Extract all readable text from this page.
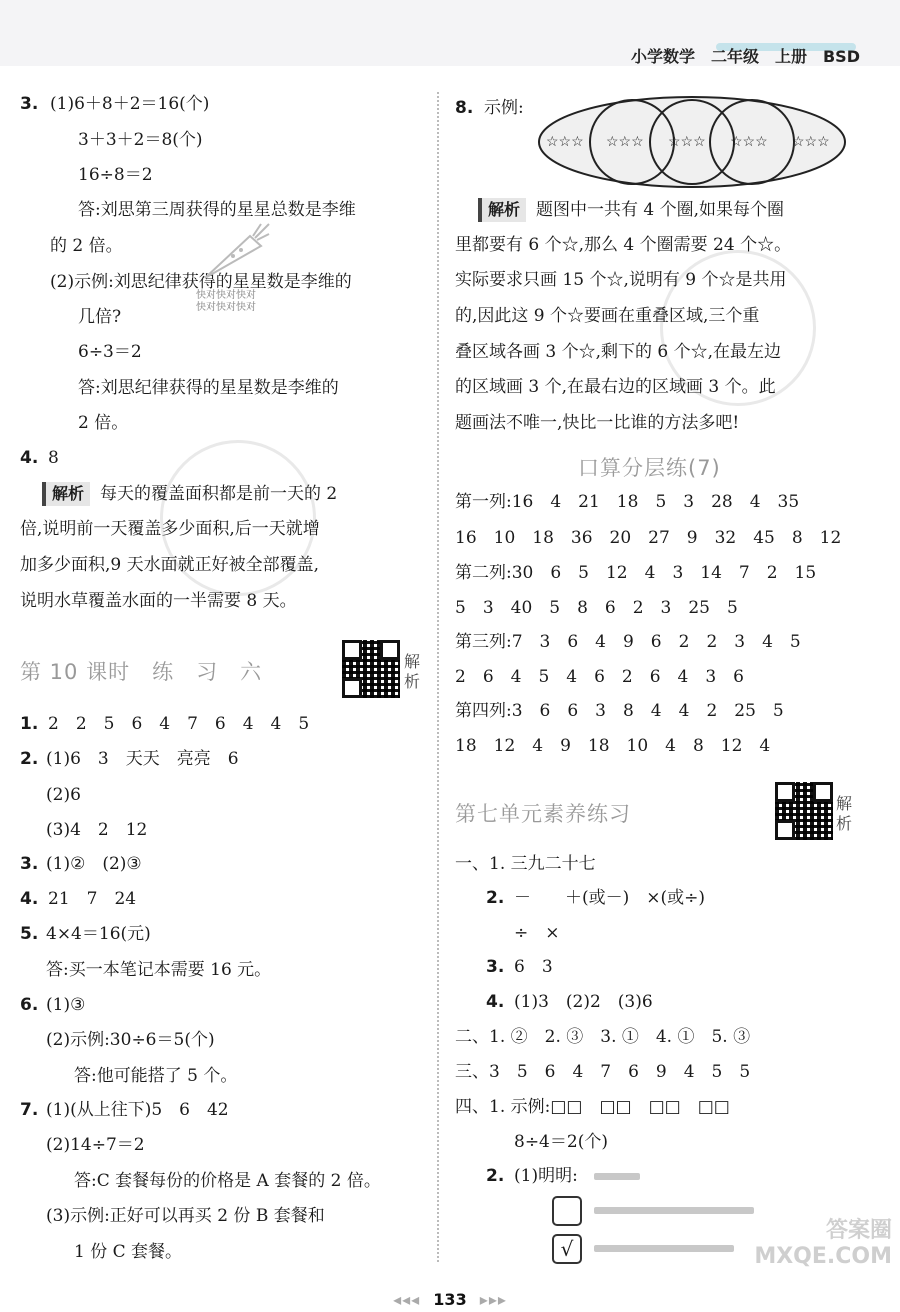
小学数学　二年级　上册　BSD
3. (1)6＋8＋2＝16(个)
3＋3＋2＝8(个)
16÷8＝2
答:刘思第三周获得的星星总数是李维
的 2 倍。
(2)示例:刘思纪律获得的星星数是李维的
几倍?
6÷3＝2
答:刘思纪律获得的星星数是李维的
2 倍。
快对快对快对
快对快对快对
4. 8
解析 每天的覆盖面积都是前一天的 2
倍,说明前一天覆盖多少面积,后一天就增
加多少面积,9 天水面就正好被全部覆盖,
说明水草覆盖水面的一半需要 8 天。
第 10 课时　练　习　六	解析
1. 2　2　5　6　4　7　6　4　4　5
2. (1)6　3　天天　亮亮　6
(2)6
(3)4　2　12
3. (1)②　(2)③
4. 21　7　24
5. 4×4＝16(元)
答:买一本笔记本需要 16 元。
6. (1)③
(2)示例:30÷6＝5(个)
答:他可能搭了 5 个。
7. (1)(从上往下)5　6　42
(2)14÷7＝2
答:C 套餐每份的价格是 A 套餐的 2 倍。
(3)示例:正好可以再买 2 份 B 套餐和
1 份 C 套餐。
8. 示例:
☆☆☆ ☆☆☆ ☆☆☆ ☆☆☆ ☆☆☆
解析 题图中一共有 4 个圈,如果每个圈
里都要有 6 个☆,那么 4 个圈需要 24 个☆。
实际要求只画 15 个☆,说明有 9 个☆是共用
的,因此这 9 个☆要画在重叠区域,三个重
叠区域各画 3 个☆,剩下的 6 个☆,在最左边
的区域画 3 个,在最右边的区域画 3 个。此
题画法不唯一,快比一比谁的方法多吧!
口算分层练(7)
第一列:16　4　21　18　5　3　28　4　35
16　10　18　36　20　27　9　32　45　8　12
第二列:30　6　5　12　4　3　14　7　2　15
5　3　40　5　8　6　2　3　25　5
第三列:7　3　6　4　9　6　2　2　3　4　5
2　6　4　5　4　6　2　6　4　3　6
第四列:3　6　6　3　8　4　4　2　25　5
18　12　4　9　18　10　4　8　12　4
第七单元素养练习	解析
一、1. 三九二十七
2. －　　＋(或－)　×(或÷)
÷　×
3. 6　3
4. (1)3　(2)2　(3)6
二、1. ②　2. ③　3. ①　4. ①　5. ③
三、3　5　6　4　7　6　9　4　5　5
四、1. 示例:□□　□□　□□　□□
8÷4＝2(个)
2. (1)明明:
√
答案圈
MXQE.COM
◂◂◂ 133 ▸▸▸
